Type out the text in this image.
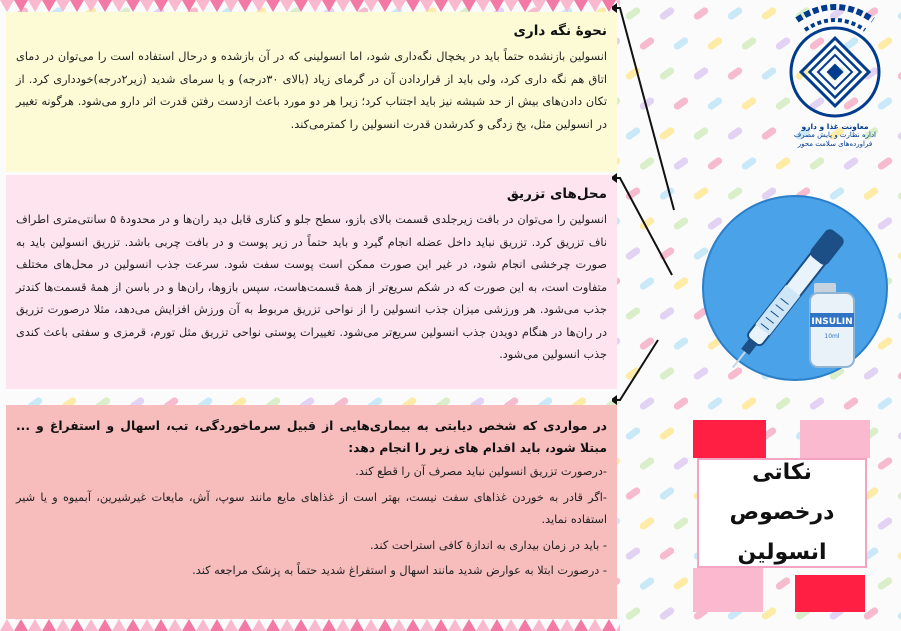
نحوهٔ نگه داری

انسولین بازنشده حتماً باید در یخچال نگه‌داری شود، اما انسولینی که در آن بازشده و درحال استفاده است را می‌توان در دمای اتاق هم نگه داری کرد، ولی باید از قراردادن آن در گرمای زیاد (بالای ۳۰درجه) و یا سرمای شدید (زیر۲درجه)خودداری کرد. از تکان دادن‌های بیش از حد شیشه نیز باید اجتناب کرد؛ زیرا هر دو مورد باعث ازدست رفتن قدرت اثر دارو می‌شود. هرگونه تغییر در انسولین مثل، یخ زدگی و کدرشدن قدرت انسولین را کمترمی‌کند.

محل‌های تزریق

انسولین را می‌توان در بافت زیرجلدی قسمت بالای بازو، سطح جلو و کناری قابل دید ران‌ها و در محدودهٔ ۵ سانتی‌متری اطراف ناف تزریق کرد. تزریق نباید داخل عضله انجام گیرد و باید حتماً در زیر پوست و در بافت چربی باشد. تزریق انسولین باید به صورت چرخشی انجام شود، در غیر این صورت ممکن است پوست سفت شود. سرعت جذب انسولین در محل‌های مختلف متفاوت است، به این صورت که در شکم سریع‌تر از همهٔ قسمت‌هاست، سپس بازوها، ران‌ها و در باسن از همهٔ قسمت‌ها کندتر جذب می‌شود. هر ورزشی میزان جذب انسولین را از نواحی تزریق مربوط به آن ورزش افزایش می‌دهد، مثلا درصورت تزریق در ران‌ها در هنگام دویدن جذب انسولین سریع‌تر می‌شود. تغییرات پوستی نواحی تزریق مثل تورم، قرمزی و سفتی باعث کندی جذب انسولین می‌شود.

در مواردی که شخص دیابتی به بیماری‌هایی از قبیل سرماخوردگی، تب، اسهال و استفراغ و ... مبتلا شود، باید اقدام های زیر را انجام دهد:
-درصورت تزریق انسولین نباید مصرف آن را قطع کند.
-اگر قادر به خوردن غذاهای سفت نیست، بهتر است از غذاهای مایع مانند سوپ، آش، مایعات غیرشیرین، آبمیوه و یا شیر استفاده نماید.
- باید در زمان بیداری به اندازهٔ کافی استراحت کند.
- درصورت ابتلا به عوارض شدید مانند اسهال و استفراغ شدید حتماً به پزشک مراجعه کند.
معاونت غذا و دارو
اداره نظارت و پایش مصرف فراورده‌های سلامت محور
INSULIN
10ml
نکاتی درخصوص
انسولین
